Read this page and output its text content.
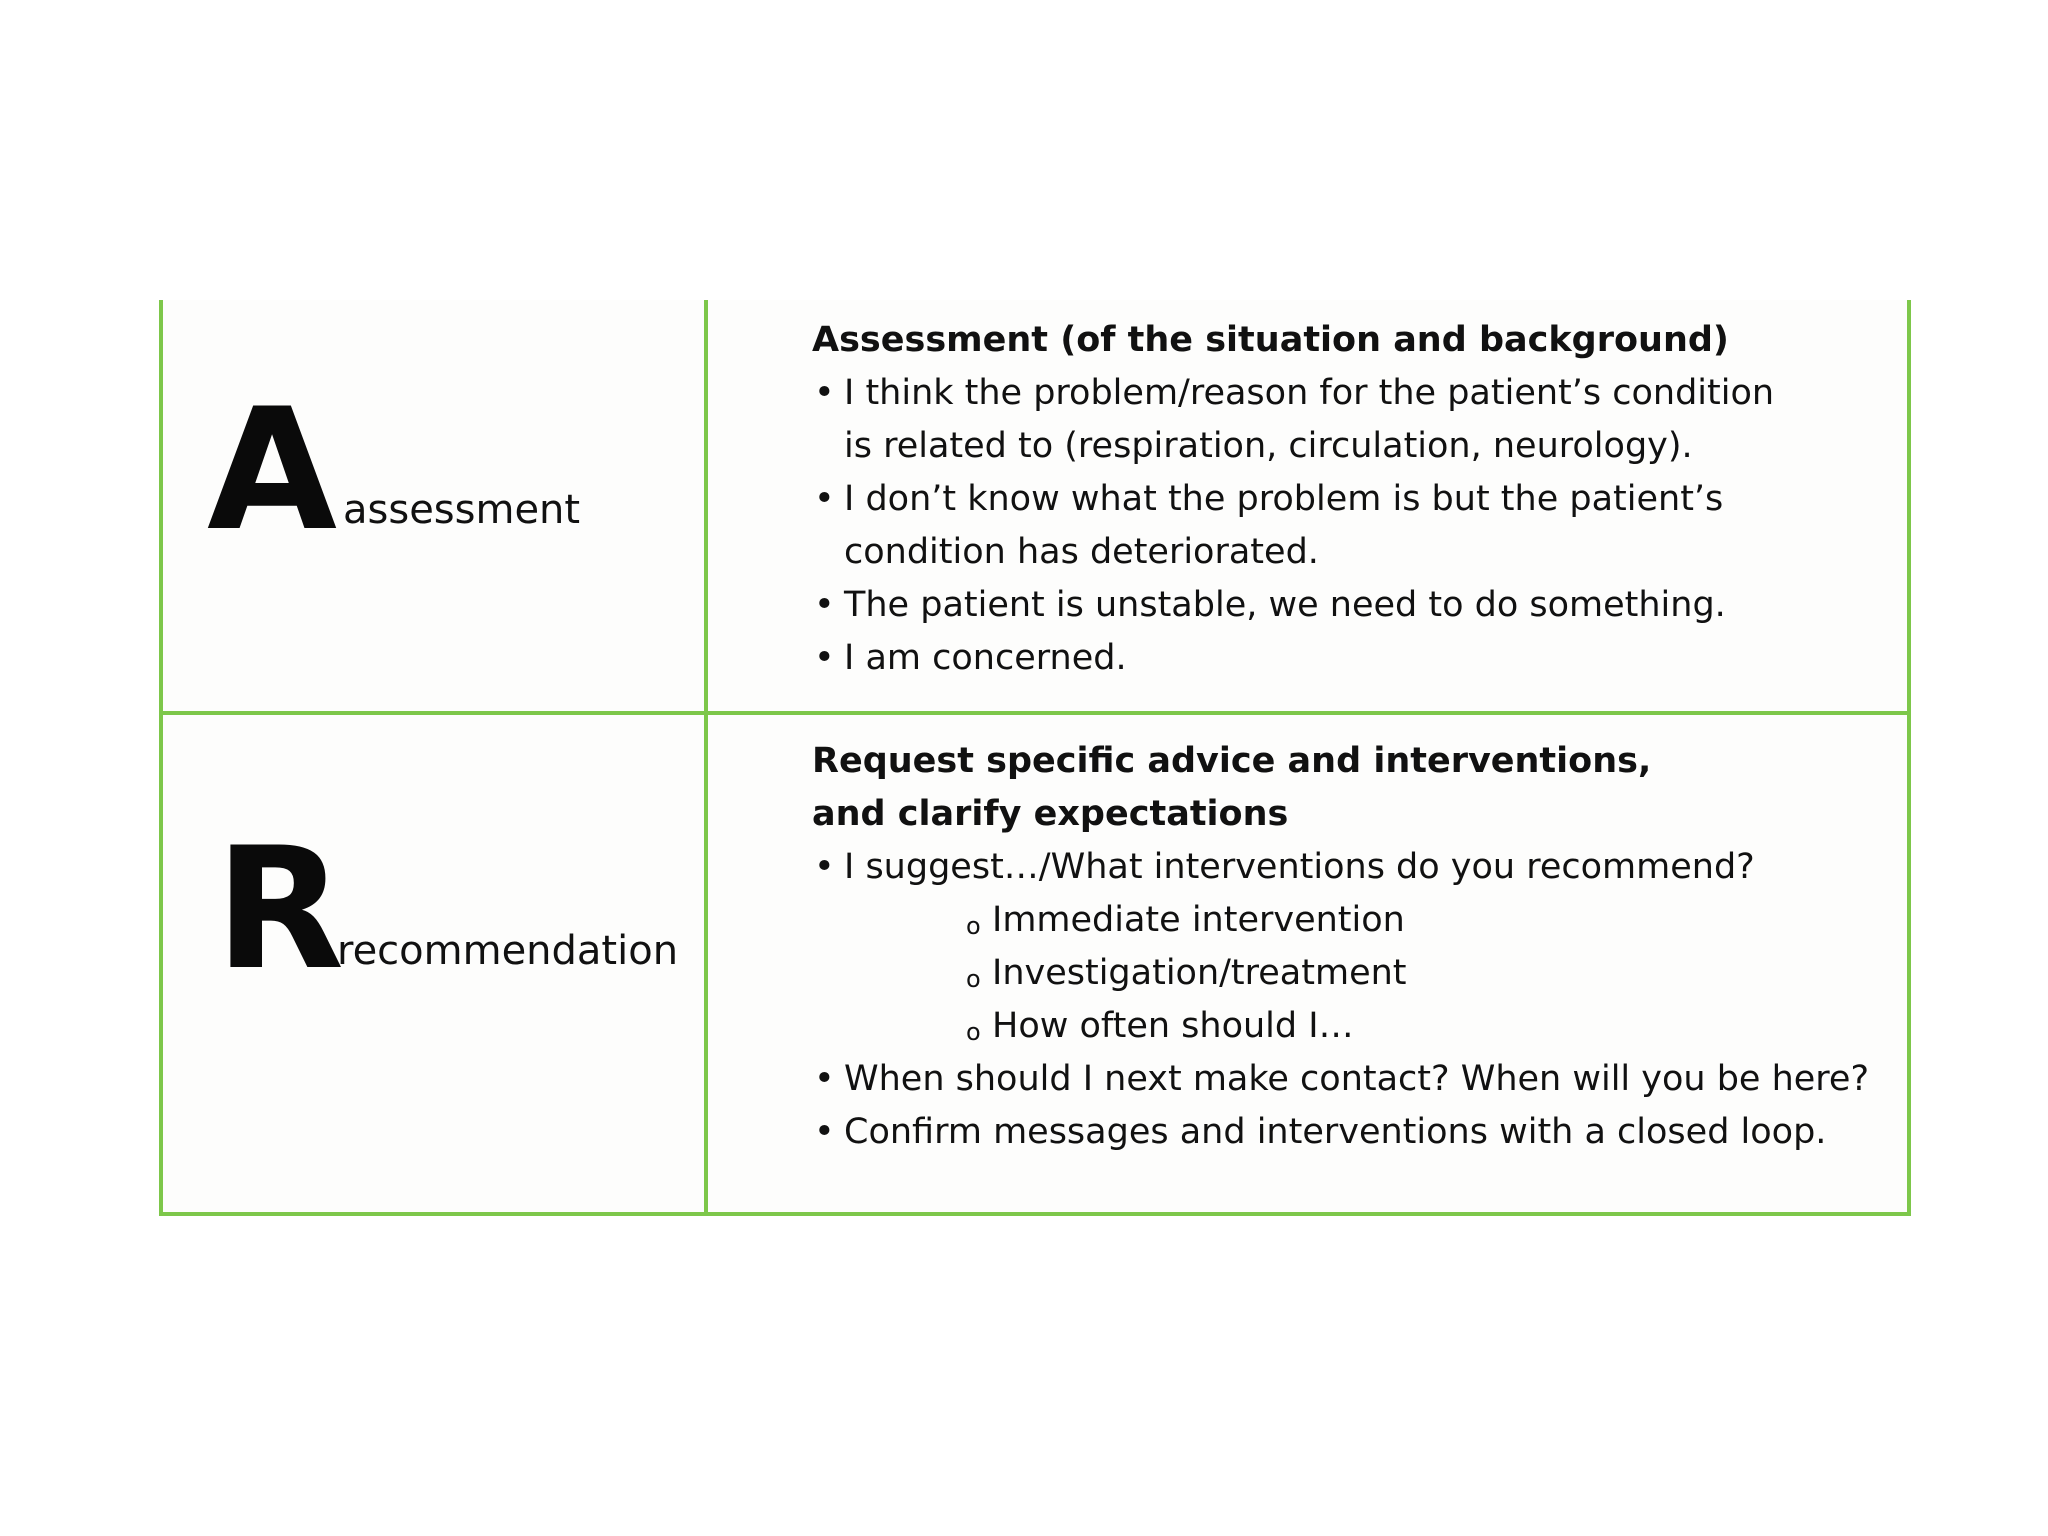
A assessment

Assessment (of the situation and background)

• I think the problem/reason for the patient’s condition
is related to (respiration, circulation, neurology).
• I don’t know what the problem is but the patient’s
condition has deteriorated.
• The patient is unstable, we need to do something.
• I am concerned.
R
recommendation

Request specific advice and interventions,

and clarify expectations

• I suggest…/What interventions do you recommend?
o Immediate intervention
o Investigation/treatment
o How often should I…
• When should I next make contact? When will you be here?
• Confirm messages and interventions with a closed loop.
